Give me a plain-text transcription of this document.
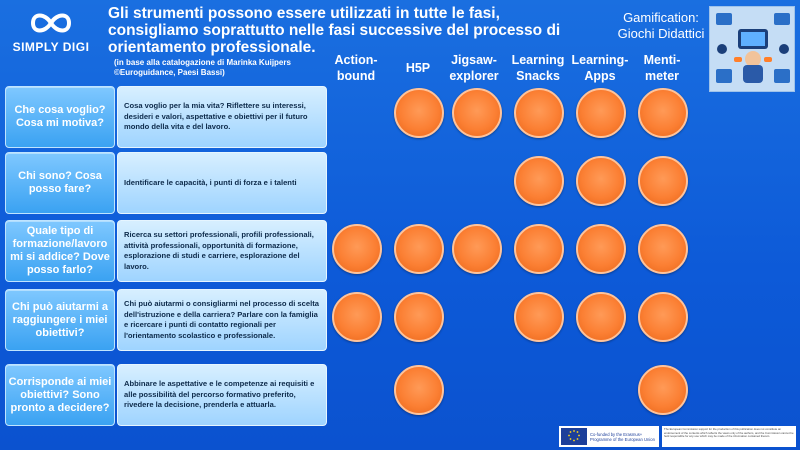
SIMPLY DIGI
Gli strumenti possono essere utilizzati in tutte le fasi, consigliamo soprattutto nelle fasi successive del processo di orientamento professionale.
(in base alla catalogazione di Marinka Kuijpers ©Euroguidance, Paesi Bassi)
Gamification:
Giochi Didattici
Action-bound
H5P
Jigsaw-explorer
Learning Snacks
Learning-Apps
Menti-meter
Che cosa voglio? Cosa mi motiva?
Cosa voglio per la mia vita? Riflettere su interessi, desideri e valori, aspettative e obiettivi per il futuro mondo della vita e del lavoro.
Chi sono? Cosa posso fare?
Identificare le capacità, i punti di forza e i talenti
Quale tipo di formazione/lavoro mi si addice? Dove posso farlo?
Ricerca su settori professionali, profili professionali, attività professionali, opportunità di formazione, esplorazione di studi e carriere, esplorazione del lavoro.
Chi può aiutarmi a raggiungere i miei obiettivi?
Chi può aiutarmi o consigliarmi nel processo di scelta dell'istruzione e della carriera? Parlare con la famiglia e ricercare i punti di contatto regionali per l'orientamento scolastico e professionale.
Corrisponde ai miei obiettivi? Sono pronto a decidere?
Abbinare le aspettative e le competenze ai requisiti e alle possibilità del percorso formativo preferito, rivedere la decisione, prenderla e attuarla.
Co-funded by the Erasmus+ Programme of the European Union
The European Commission support for the production of this publication does not constitute an endorsement of the contents which reflects the views only of the authors, and the Commission cannot be held responsible for any use which may be made of the information contained therein.
